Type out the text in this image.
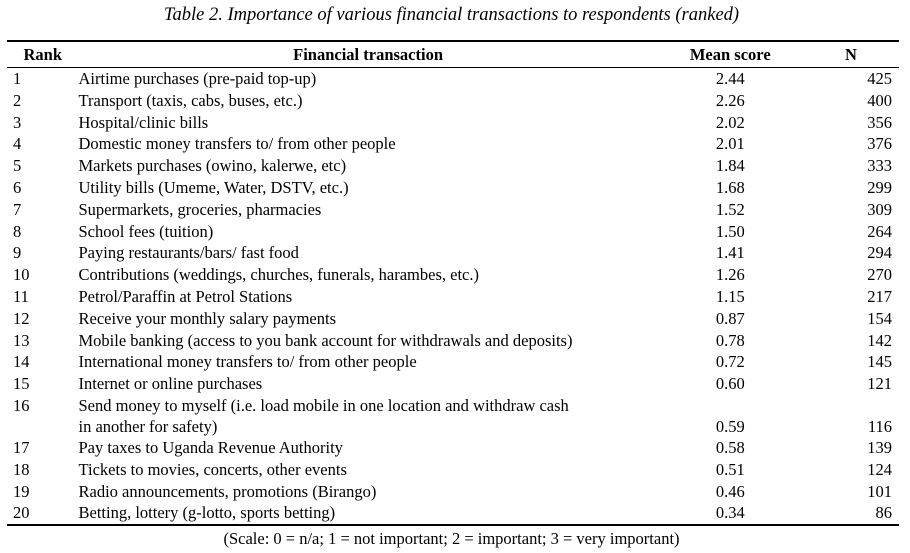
Table 2. Importance of various financial transactions to respondents (ranked)
Rank	Financial transaction	Mean score	N
1	Airtime purchases (pre-paid top-up)	2.44	425
2	Transport (taxis, cabs, buses, etc.)	2.26	400
3	Hospital/clinic bills	2.02	356
4	Domestic money transfers to/ from other people	2.01	376
5	Markets purchases (owino, kalerwe, etc)	1.84	333
6	Utility bills (Umeme, Water, DSTV, etc.)	1.68	299
7	Supermarkets, groceries, pharmacies	1.52	309
8	School fees (tuition)	1.50	264
9	Paying restaurants/bars/ fast food	1.41	294
10	Contributions (weddings, churches, funerals, harambes, etc.)	1.26	270
11	Petrol/Paraffin at Petrol Stations	1.15	217
12	Receive your monthly salary payments	0.87	154
13	Mobile banking (access to you bank account for withdrawals and deposits)	0.78	142
14	International money transfers to/ from other people	0.72	145
15	Internet or online purchases	0.60	121
16	Send money to myself (i.e. load mobile in one location and withdraw cash
in another for safety)	0.59	116
17	Pay taxes to Uganda Revenue Authority	0.58	139
18	Tickets to movies, concerts, other events	0.51	124
19	Radio announcements, promotions (Birango)	0.46	101
20	Betting, lottery (g-lotto, sports betting)	0.34	86
(Scale: 0 = n/a; 1 = not important; 2 = important; 3 = very important)
